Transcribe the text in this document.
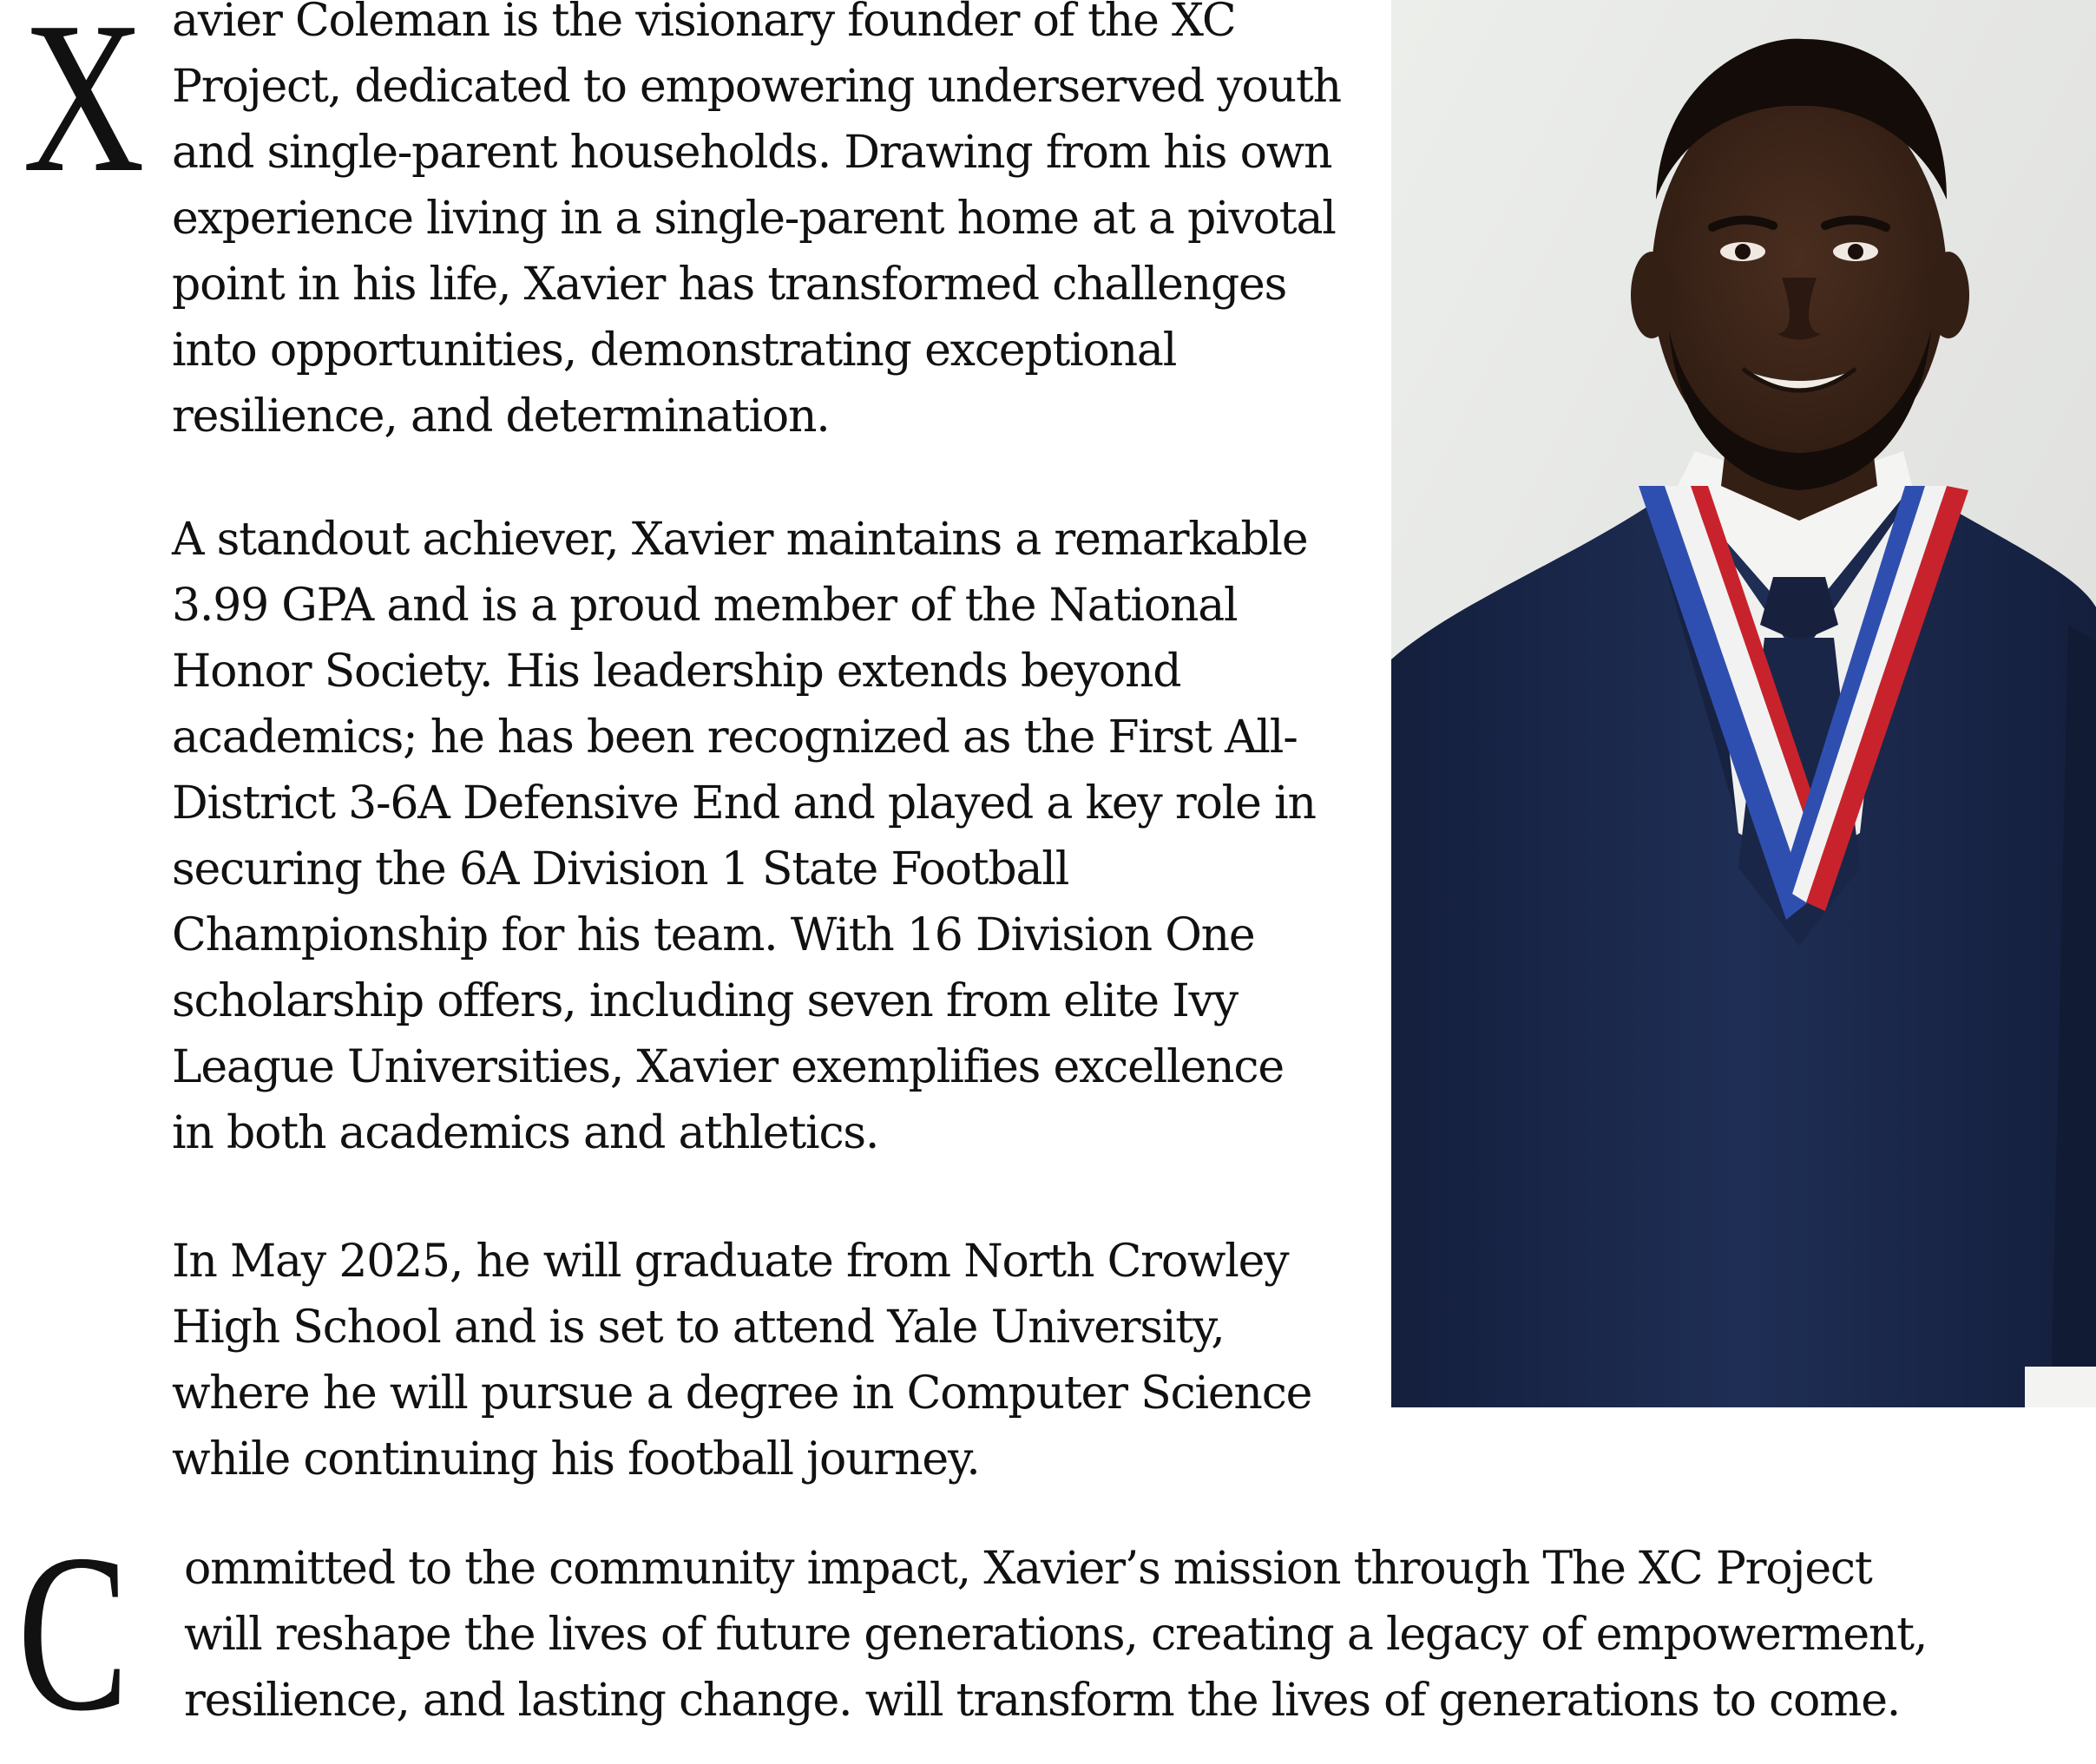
X avier Coleman is the visionary founder of the XC
Project, dedicated to empowering underserved youth
and single-parent households. Drawing from his own
experience living in a single-parent home at a pivotal
point in his life, Xavier has transformed challenges
into opportunities, demonstrating exceptional
resilience, and determination.

A standout achiever, Xavier maintains a remarkable
3.99 GPA and is a proud member of the National
Honor Society. His leadership extends beyond
academics; he has been recognized as the First All-
District 3-6A Defensive End and played a key role in
securing the 6A Division 1 State Football
Championship for his team. With 16 Division One
scholarship offers, including seven from elite Ivy
League Universities, Xavier exemplifies excellence
in both academics and athletics.

In May 2025, he will graduate from North Crowley
High School and is set to attend Yale University,
where he will pursue a degree in Computer Science
while continuing his football journey.

C ommitted to the community impact, Xavier’s mission through The XC Project
will reshape the lives of future generations, creating a legacy of empowerment,
resilience, and lasting change. will transform the lives of generations to come.
